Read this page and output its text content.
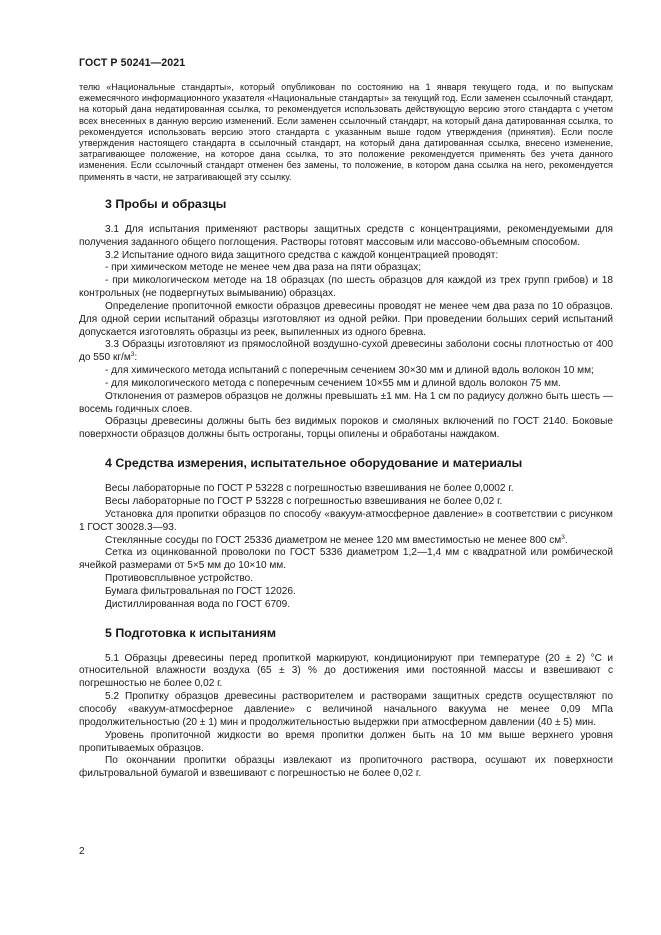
ГОСТ Р 50241—2021

телю «Национальные стандарты», который опубликован по состоянию на 1 января текущего года, и по выпускам ежемесячного информационного указателя «Национальные стандарты» за текущий год. Если заменен ссылочный стандарт, на который дана недатированная ссылка, то рекомендуется использовать действующую версию этого стандарта с учетом всех внесенных в данную версию изменений. Если заменен ссылочный стандарт, на который дана датированная ссылка, то рекомендуется использовать версию этого стандарта с указанным выше годом утверждения (принятия). Если после утверждения настоящего стандарта в ссылочный стандарт, на который дана датированная ссылка, внесено изменение, затрагивающее положение, на которое дана ссылка, то это положение рекомендуется применять без учета данного изменения. Если ссылочный стандарт отменен без замены, то положение, в котором дана ссылка на него, рекомендуется применять в части, не затрагивающей эту ссылку.

3 Пробы и образцы

3.1 Для испытания применяют растворы защитных средств с концентрациями, рекомендуемыми для получения заданного общего поглощения. Растворы готовят массовым или массово-объемным способом.

3.2 Испытание одного вида защитного средства с каждой концентрацией проводят:

- при химическом методе не менее чем два раза на пяти образцах;

- при микологическом методе на 18 образцах (по шесть образцов для каждой из трех групп грибов) и 18 контрольных (не подвергнутых вымыванию) образцах.

Определение пропиточной емкости образцов древесины проводят не менее чем два раза по 10 образцов. Для одной серии испытаний образцы изготовляют из одной рейки. При проведении больших серий испытаний допускается изготовлять образцы из реек, выпиленных из одного бревна.

3.3 Образцы изготовляют из прямослойной воздушно-сухой древесины заболони сосны плотностью от 400 до 550 $кг/м^3$:

- для химического метода испытаний с поперечным сечением 30×30 мм и длиной вдоль волокон 10 мм;

- для микологического метода с поперечным сечением 10×55 мм и длиной вдоль волокон 75 мм.

Отклонения от размеров образцов не должны превышать ±1 мм. На 1 см по радиусу должно быть шесть — восемь годичных слоев.

Образцы древесины должны быть без видимых пороков и смоляных включений по ГОСТ 2140. Боковые поверхности образцов должны быть остроганы, торцы опилены и обработаны наждаком.

4 Средства измерения, испытательное оборудование и материалы

Весы лабораторные по ГОСТ Р 53228 с погрешностью взвешивания не более 0,0002 г.

Весы лабораторные по ГОСТ Р 53228 с погрешностью взвешивания не более 0,02 г.

Установка для пропитки образцов по способу «вакуум-атмосферное давление» в соответствии с рисунком 1 ГОСТ 30028.3—93.

Стеклянные сосуды по ГОСТ 25336 диаметром не менее 120 мм вместимостью не менее 800 $см^3$.

Сетка из оцинкованной проволоки по ГОСТ 5336 диаметром 1,2—1,4 мм с квадратной или ромбической ячейкой размерами от 5×5 мм до 10×10 мм.

Противовсплывное устройство.

Бумага фильтровальная по ГОСТ 12026.

Дистиллированная вода по ГОСТ 6709.

5 Подготовка к испытаниям

5.1 Образцы древесины перед пропиткой маркируют, кондиционируют при температуре (20 ± 2) °С и относительной влажности воздуха (65 ± 3) % до достижения ими постоянной массы и взвешивают с погрешностью не более 0,02 г.

5.2 Пропитку образцов древесины растворителем и растворами защитных средств осуществляют по способу «вакуум-атмосферное давление» с величиной начального вакуума не менее 0,09 МПа продолжительностью (20 ± 1) мин и продолжительностью выдержки при атмосферном давлении (40 ± 5) мин.

Уровень пропиточной жидкости во время пропитки должен быть на 10 мм выше верхнего уровня пропитываемых образцов.

По окончании пропитки образцы извлекают из пропиточного раствора, осушают их поверхности фильтровальной бумагой и взвешивают с погрешностью не более 0,02 г.

2
